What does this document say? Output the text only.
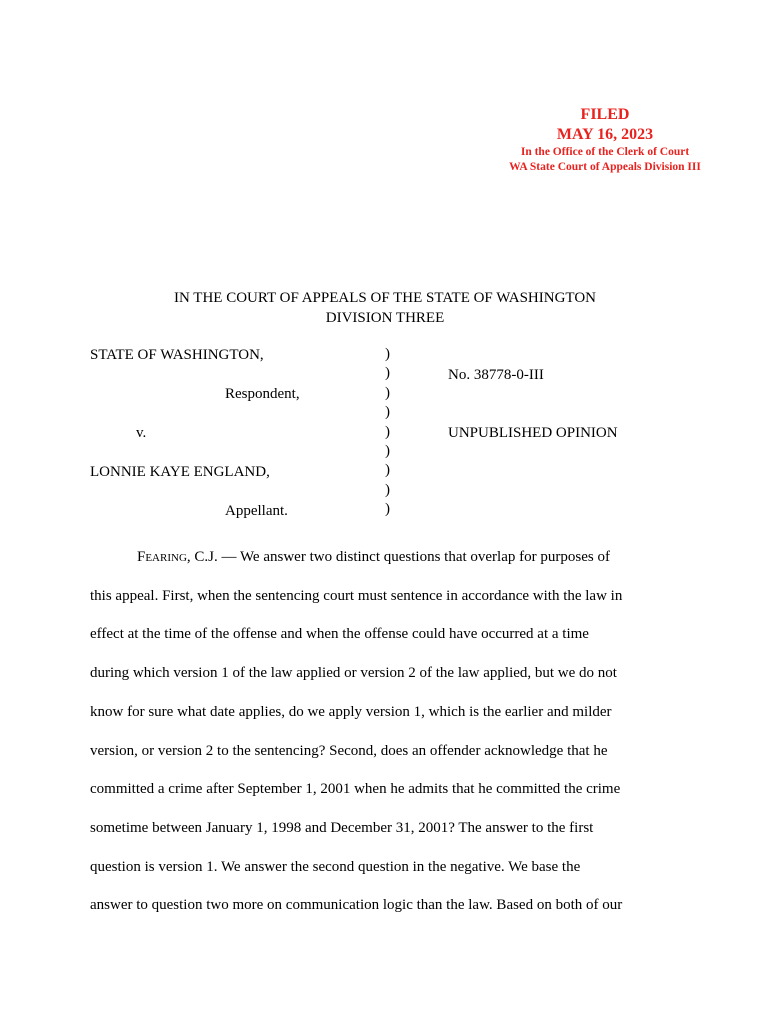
FILED
MAY 16, 2023
In the Office of the Clerk of Court
WA State Court of Appeals Division III
IN THE COURT OF APPEALS OF THE STATE OF WASHINGTON
DIVISION THREE
STATE OF WASHINGTON,
Respondent,
v.
LONNIE KAYE ENGLAND,
Appellant.
)
)
)
)
)
)
)
)
)
No. 38778-0-III
UNPUBLISHED OPINION

Fearing, C.J. — We answer two distinct questions that overlap for purposes of

this appeal. First, when the sentencing court must sentence in accordance with the law in

effect at the time of the offense and when the offense could have occurred at a time

during which version 1 of the law applied or version 2 of the law applied, but we do not

know for sure what date applies, do we apply version 1, which is the earlier and milder

version, or version 2 to the sentencing? Second, does an offender acknowledge that he

committed a crime after September 1, 2001 when he admits that he committed the crime

sometime between January 1, 1998 and December 31, 2001? The answer to the first

question is version 1. We answer the second question in the negative. We base the

answer to question two more on communication logic than the law. Based on both of our
